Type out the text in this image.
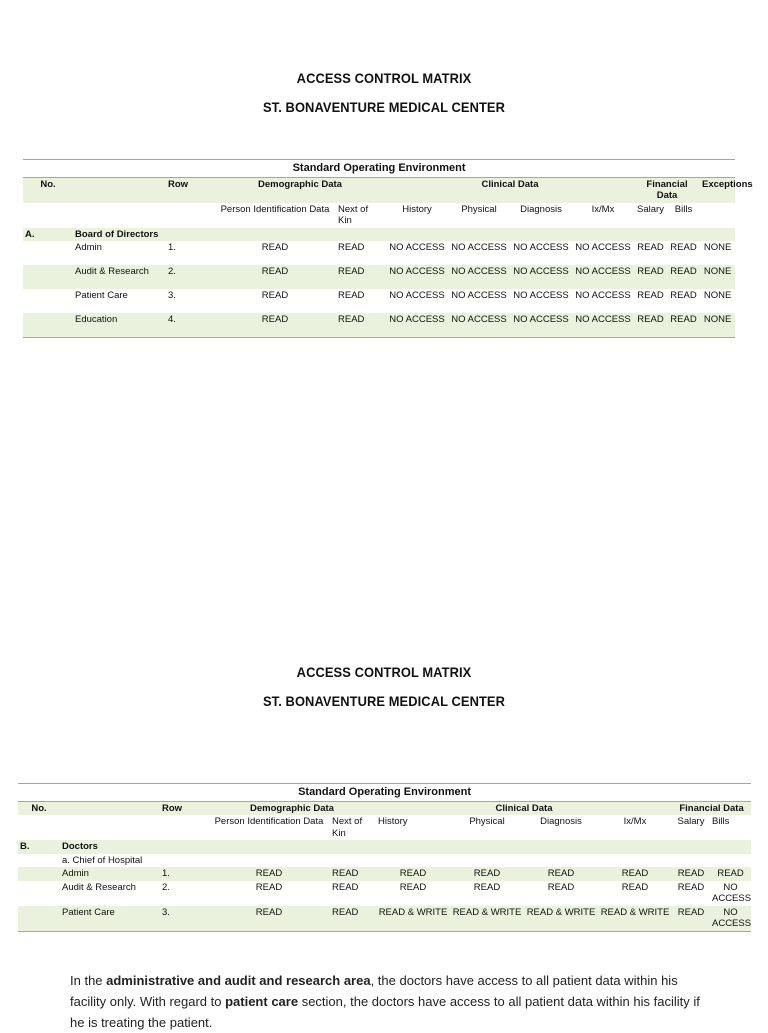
ACCESS CONTROL MATRIX
ST. BONAVENTURE MEDICAL CENTER
Standard Operating Environment											
No.		Row	Demographic Data		Clinical Data				Financial Data		Exceptions
			Person Identification Data	Next of Kin	History	Physical	Diagnosis	Ix/Mx	Salary	Bills	
A.	Board of Directors										
	Admin	1.	READ	READ	NO ACCESS	NO ACCESS	NO ACCESS	NO ACCESS	READ	READ	NONE
	Audit & Research	2.	READ	READ	NO ACCESS	NO ACCESS	NO ACCESS	NO ACCESS	READ	READ	NONE
	Patient Care	3.	READ	READ	NO ACCESS	NO ACCESS	NO ACCESS	NO ACCESS	READ	READ	NONE
	Education	4.	READ	READ	NO ACCESS	NO ACCESS	NO ACCESS	NO ACCESS	READ	READ	NONE
ACCESS CONTROL MATRIX
ST. BONAVENTURE MEDICAL CENTER
Standard Operating Environment										
No.		Row	Demographic Data		Clinical Data				Financial Data	
			Person Identification Data	Next of Kin	History	Physical	Diagnosis	Ix/Mx	Salary	Bills
B.	Doctors									
	a. Chief of Hospital									
	Admin	1.	READ	READ	READ	READ	READ	READ	READ	READ
	Audit & Research	2.	READ	READ	READ	READ	READ	READ	READ	NO ACCESS
	Patient Care	3.	READ	READ	READ & WRITE	READ & WRITE	READ & WRITE	READ & WRITE	READ	NO ACCESS
In the administrative and audit and research area, the doctors have access to all patient data within his facility only. With regard to patient care section, the doctors have access to all patient data within his facility if he is treating the patient.
